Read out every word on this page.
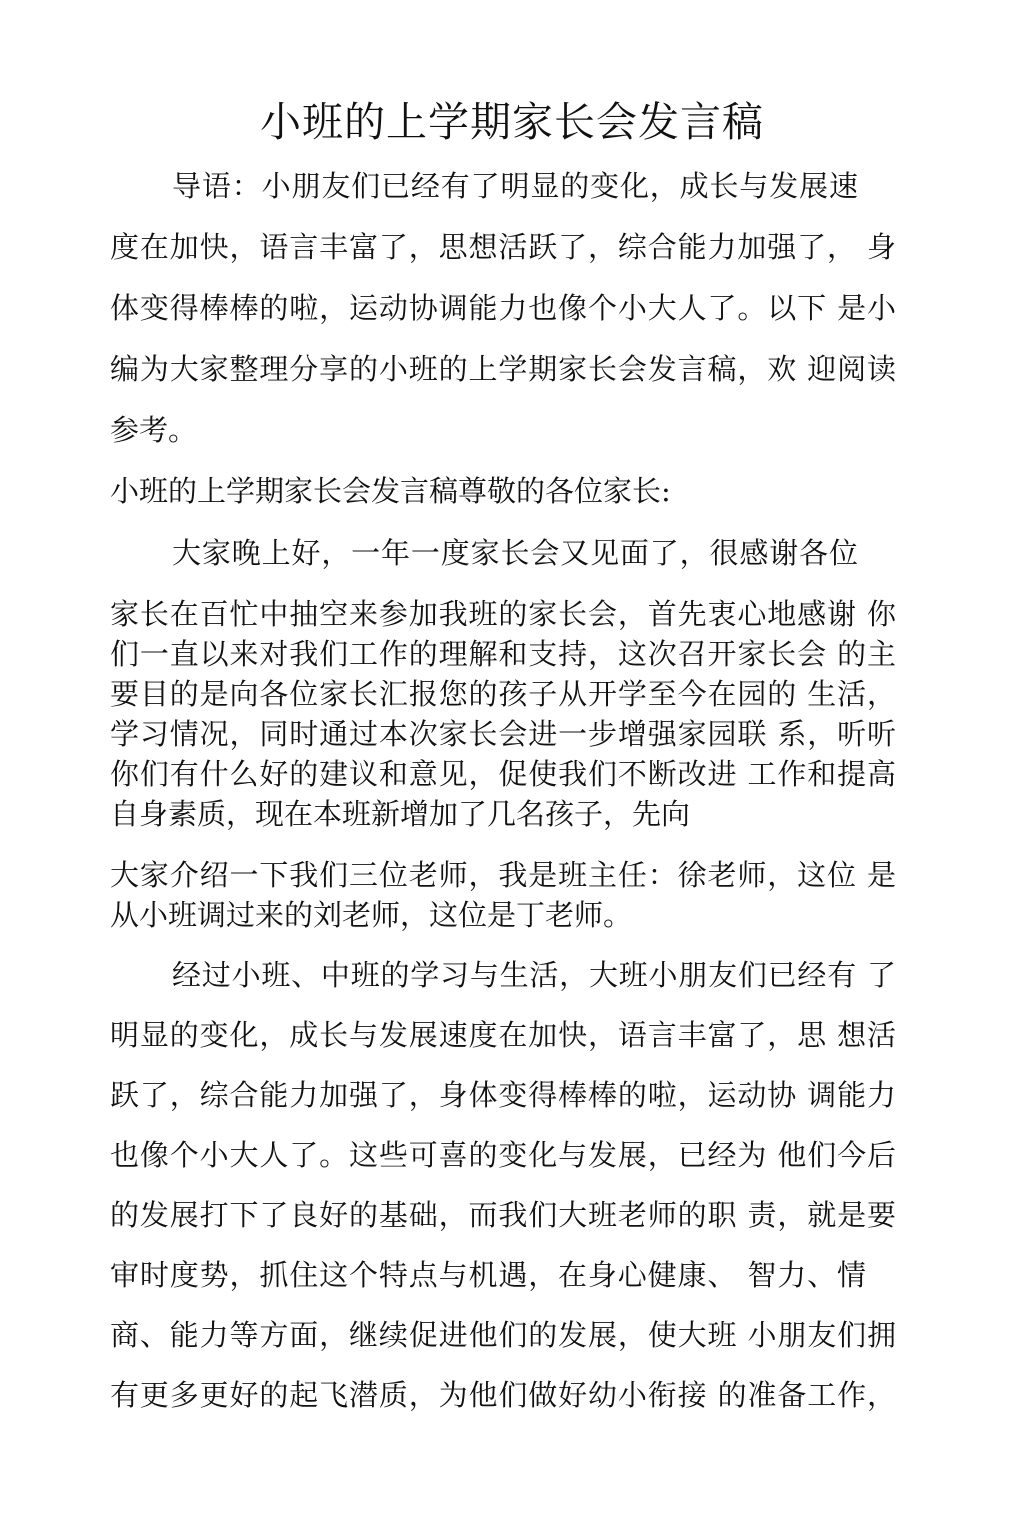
小班的上学期家长会发言稿
导语：小朋友们已经有了明显的变化，成长与发展速
度在加快，语言丰富了，思想活跃了，综合能力加强了， 身
体变得棒棒的啦，运动协调能力也像个小大人了。以下 是小
编为大家整理分享的小班的上学期家长会发言稿，欢 迎阅读
参考。
小班的上学期家长会发言稿尊敬的各位家长:
大家晚上好，一年一度家长会又见面了，很感谢各位
家长在百忙中抽空来参加我班的家长会，首先衷心地感谢 你
们一直以来对我们工作的理解和支持，这次召开家长会 的主
要目的是向各位家长汇报您的孩子从开学至今在园的 生活，
学习情况，同时通过本次家长会进一步增强家园联 系，听听
你们有什么好的建议和意见，促使我们不断改进 工作和提高
自身素质，现在本班新增加了几名孩子，先向
大家介绍一下我们三位老师，我是班主任：徐老师，这位 是
从小班调过来的刘老师，这位是丁老师。
经过小班、中班的学习与生活，大班小朋友们已经有 了
明显的变化，成长与发展速度在加快，语言丰富了，思 想活
跃了，综合能力加强了，身体变得棒棒的啦，运动协 调能力
也像个小大人了。这些可喜的变化与发展，已经为 他们今后
的发展打下了良好的基础，而我们大班老师的职 责，就是要
审时度势，抓住这个特点与机遇，在身心健康、 智力、情
商、能力等方面，继续促进他们的发展，使大班 小朋友们拥
有更多更好的起飞潜质，为他们做好幼小衔接 的准备工作，
